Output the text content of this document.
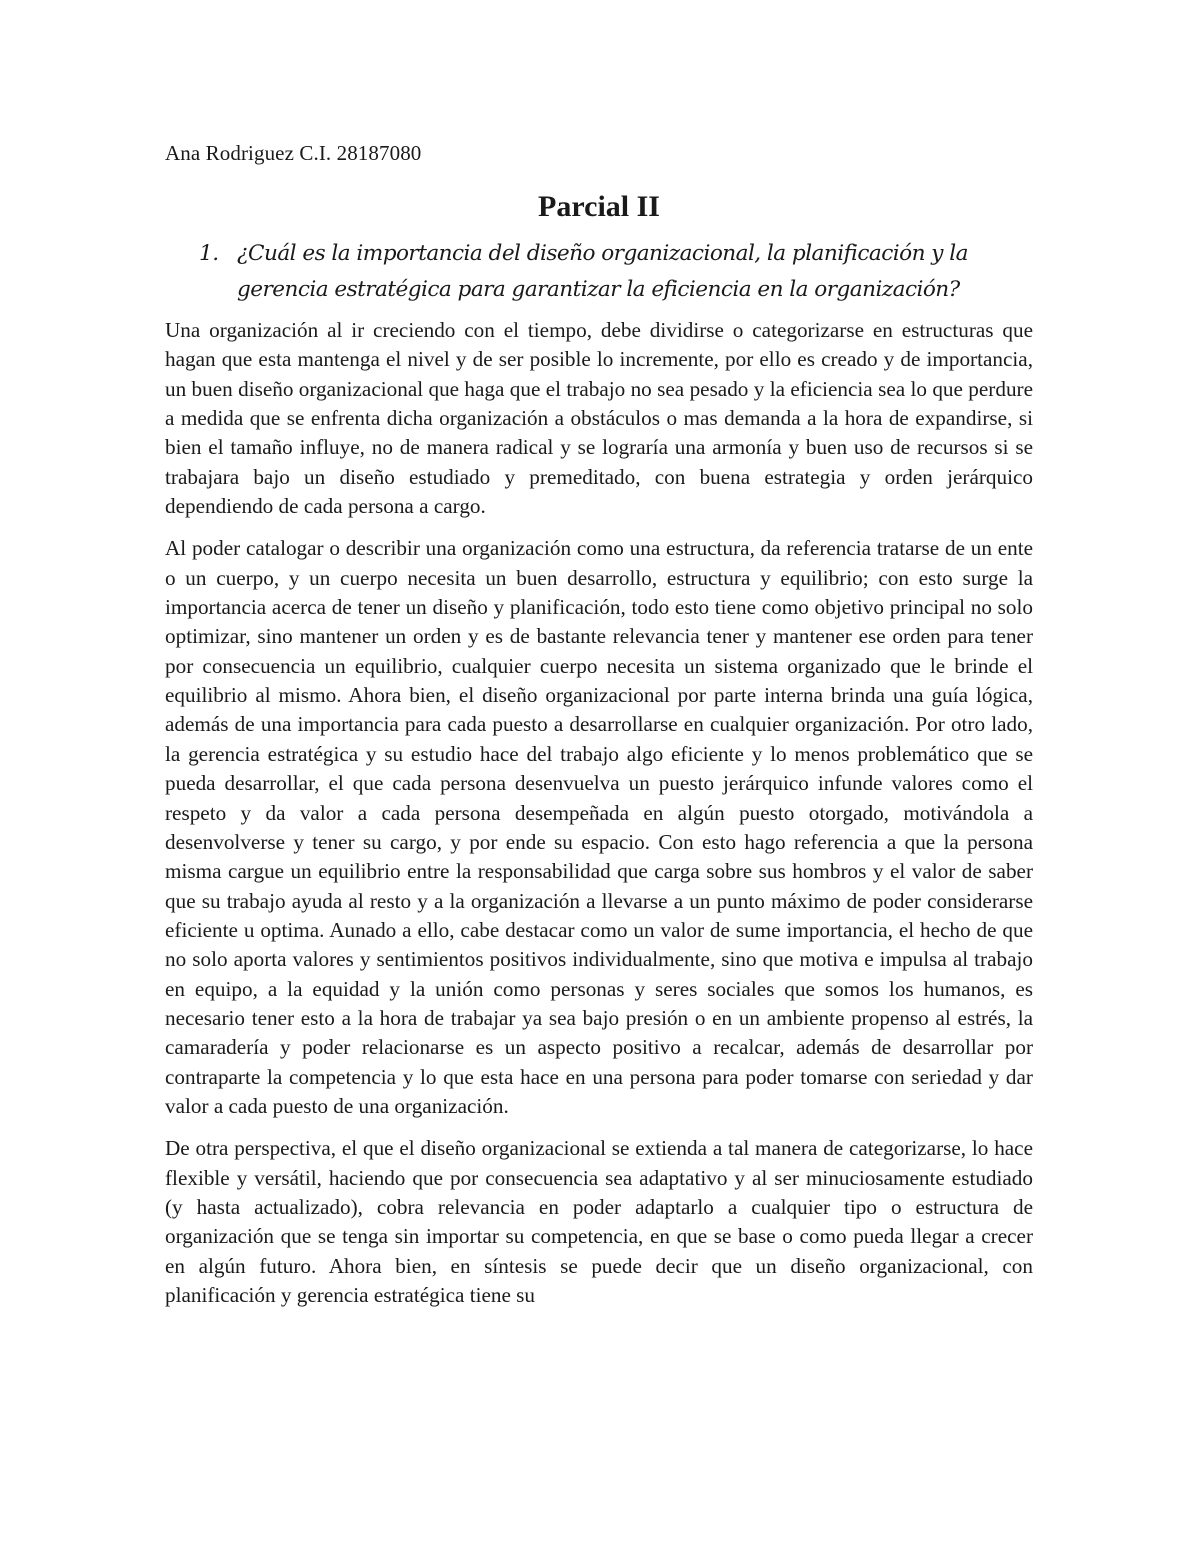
Ana Rodriguez C.I. 28187080

Parcial II
1. ¿Cuál es la importancia del diseño organizacional, la planificación y la gerencia estratégica para garantizar la eficiencia en la organización?

Una organización al ir creciendo con el tiempo, debe dividirse o categorizarse en estructuras que hagan que esta mantenga el nivel y de ser posible lo incremente, por ello es creado y de importancia, un buen diseño organizacional que haga que el trabajo no sea pesado y la eficiencia sea lo que perdure a medida que se enfrenta dicha organización a obstáculos o mas demanda a la hora de expandirse, si bien el tamaño influye, no de manera radical y se lograría una armonía y buen uso de recursos si se trabajara bajo un diseño estudiado y premeditado, con buena estrategia y orden jerárquico dependiendo de cada persona a cargo.

Al poder catalogar o describir una organización como una estructura, da referencia tratarse de un ente o un cuerpo, y un cuerpo necesita un buen desarrollo, estructura y equilibrio; con esto surge la importancia acerca de tener un diseño y planificación, todo esto tiene como objetivo principal no solo optimizar, sino mantener un orden y es de bastante relevancia tener y mantener ese orden para tener por consecuencia un equilibrio, cualquier cuerpo necesita un sistema organizado que le brinde el equilibrio al mismo. Ahora bien, el diseño organizacional por parte interna brinda una guía lógica, además de una importancia para cada puesto a desarrollarse en cualquier organización. Por otro lado, la gerencia estratégica y su estudio hace del trabajo algo eficiente y lo menos problemático que se pueda desarrollar, el que cada persona desenvuelva un puesto jerárquico infunde valores como el respeto y da valor a cada persona desempeñada en algún puesto otorgado, motivándola a desenvolverse y tener su cargo, y por ende su espacio. Con esto hago referencia a que la persona misma cargue un equilibrio entre la responsabilidad que carga sobre sus hombros y el valor de saber que su trabajo ayuda al resto y a la organización a llevarse a un punto máximo de poder considerarse eficiente u optima. Aunado a ello, cabe destacar como un valor de sume importancia, el hecho de que no solo aporta valores y sentimientos positivos individualmente, sino que motiva e impulsa al trabajo en equipo, a la equidad y la unión como personas y seres sociales que somos los humanos, es necesario tener esto a la hora de trabajar ya sea bajo presión o en un ambiente propenso al estrés, la camaradería y poder relacionarse es un aspecto positivo a recalcar, además de desarrollar por contraparte la competencia y lo que esta hace en una persona para poder tomarse con seriedad y dar valor a cada puesto de una organización.

De otra perspectiva, el que el diseño organizacional se extienda a tal manera de categorizarse, lo hace flexible y versátil, haciendo que por consecuencia sea adaptativo y al ser minuciosamente estudiado (y hasta actualizado), cobra relevancia en poder adaptarlo a cualquier tipo o estructura de organización que se tenga sin importar su competencia, en que se base o como pueda llegar a crecer en algún futuro. Ahora bien, en síntesis se puede decir que un diseño organizacional, con planificación y gerencia estratégica tiene su
